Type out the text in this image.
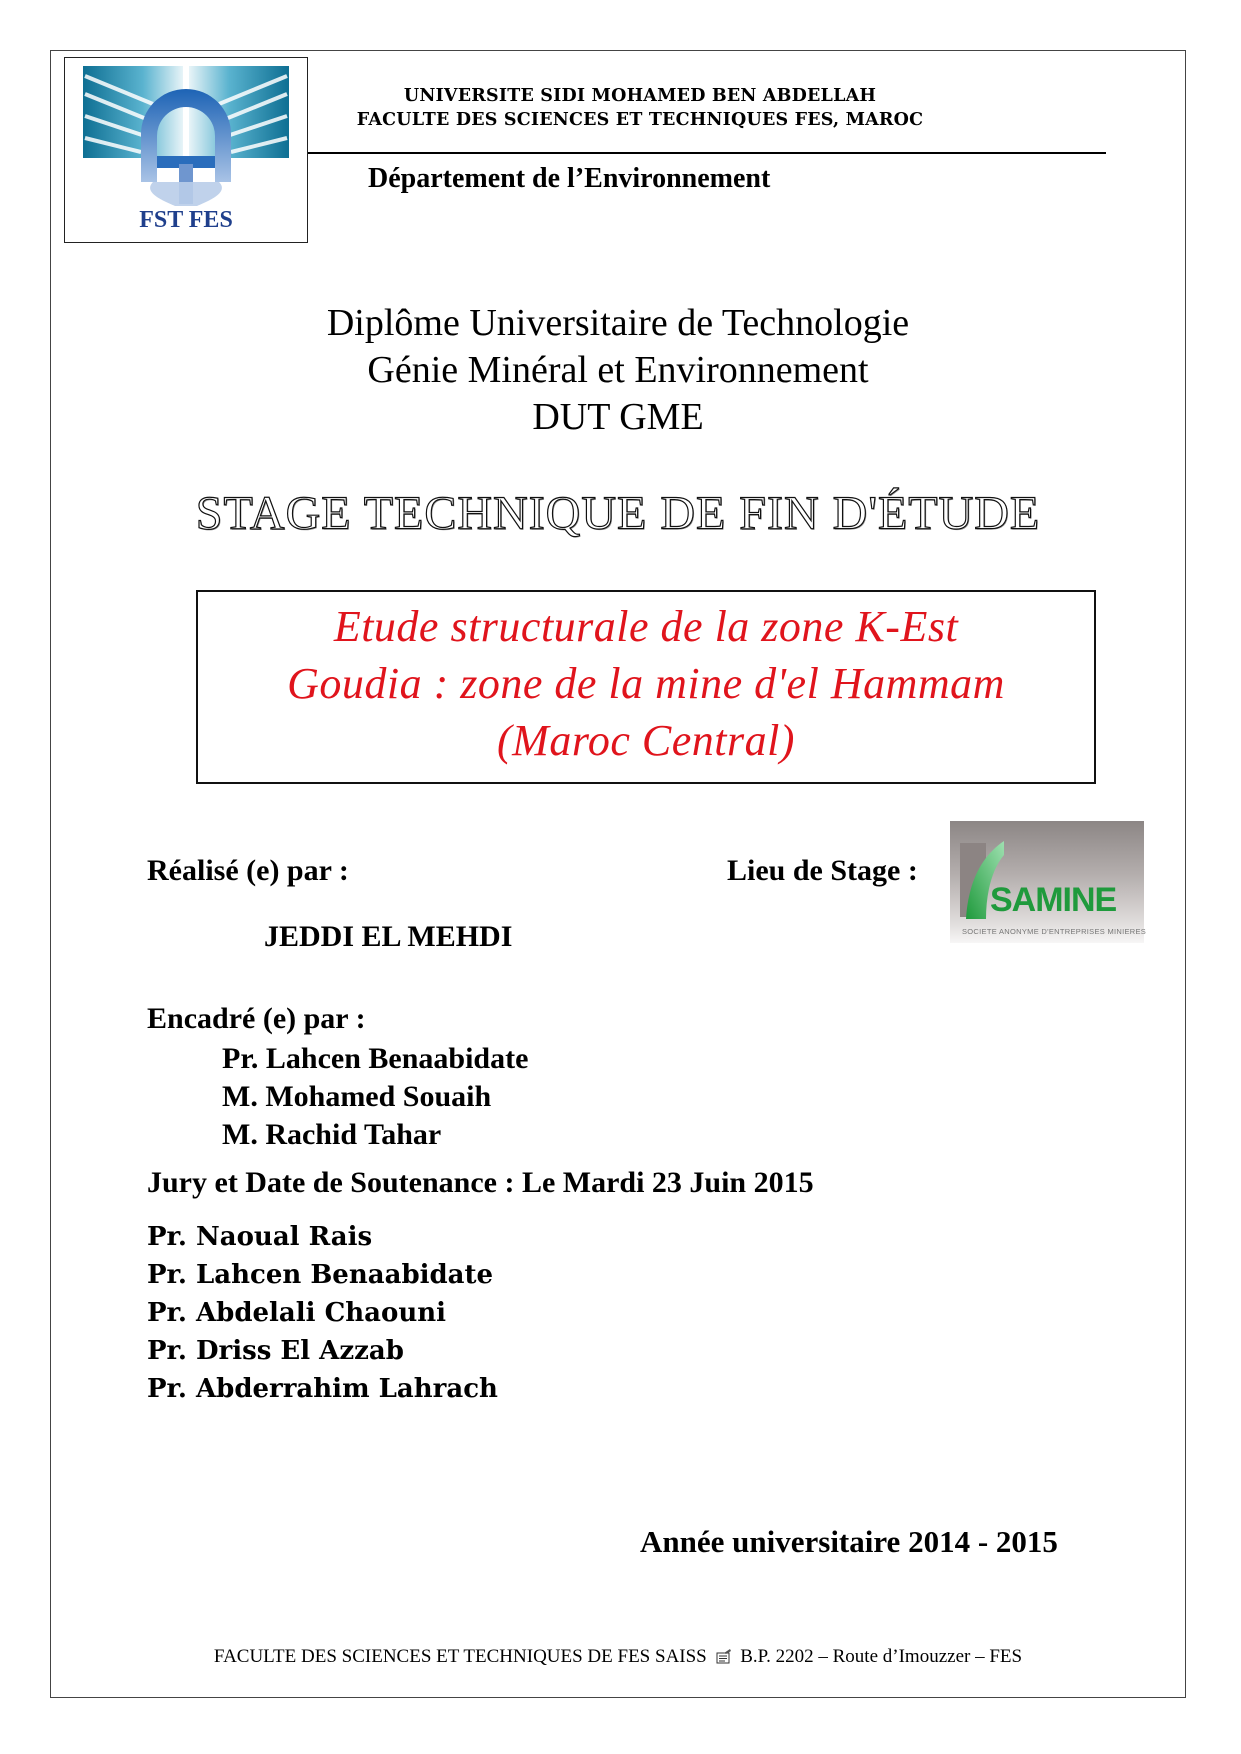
FST FES
UNIVERSITE SIDI MOHAMED BEN ABDELLAH
FACULTE DES SCIENCES ET TECHNIQUES FES, MAROC
Département de l’Environnement
Diplôme Universitaire de Technologie
Génie Minéral et Environnement
DUT GME
STAGE TECHNIQUE DE FIN D'ÉTUDE
Etude structurale de la zone K-Est
Goudia : zone de la mine d'el Hammam
(Maroc Central)
Réalisé (e) par :	Lieu de Stage :
SAMINE
SOCIETE ANONYME D'ENTREPRISES MINIERES
JEDDI EL MEHDI
Encadré (e) par :
Pr. Lahcen Benaabidate
M. Mohamed Souaih
M. Rachid Tahar
Jury et Date de Soutenance : Le Mardi 23 Juin 2015
Pr. Naoual Rais
Pr. Lahcen Benaabidate
Pr. Abdelali Chaouni
Pr. Driss El Azzab
Pr. Abderrahim Lahrach
Année universitaire 2014 - 2015
FACULTE DES SCIENCES ET TECHNIQUES DE FES SAISS B.P. 2202 – Route d’Imouzzer – FES
